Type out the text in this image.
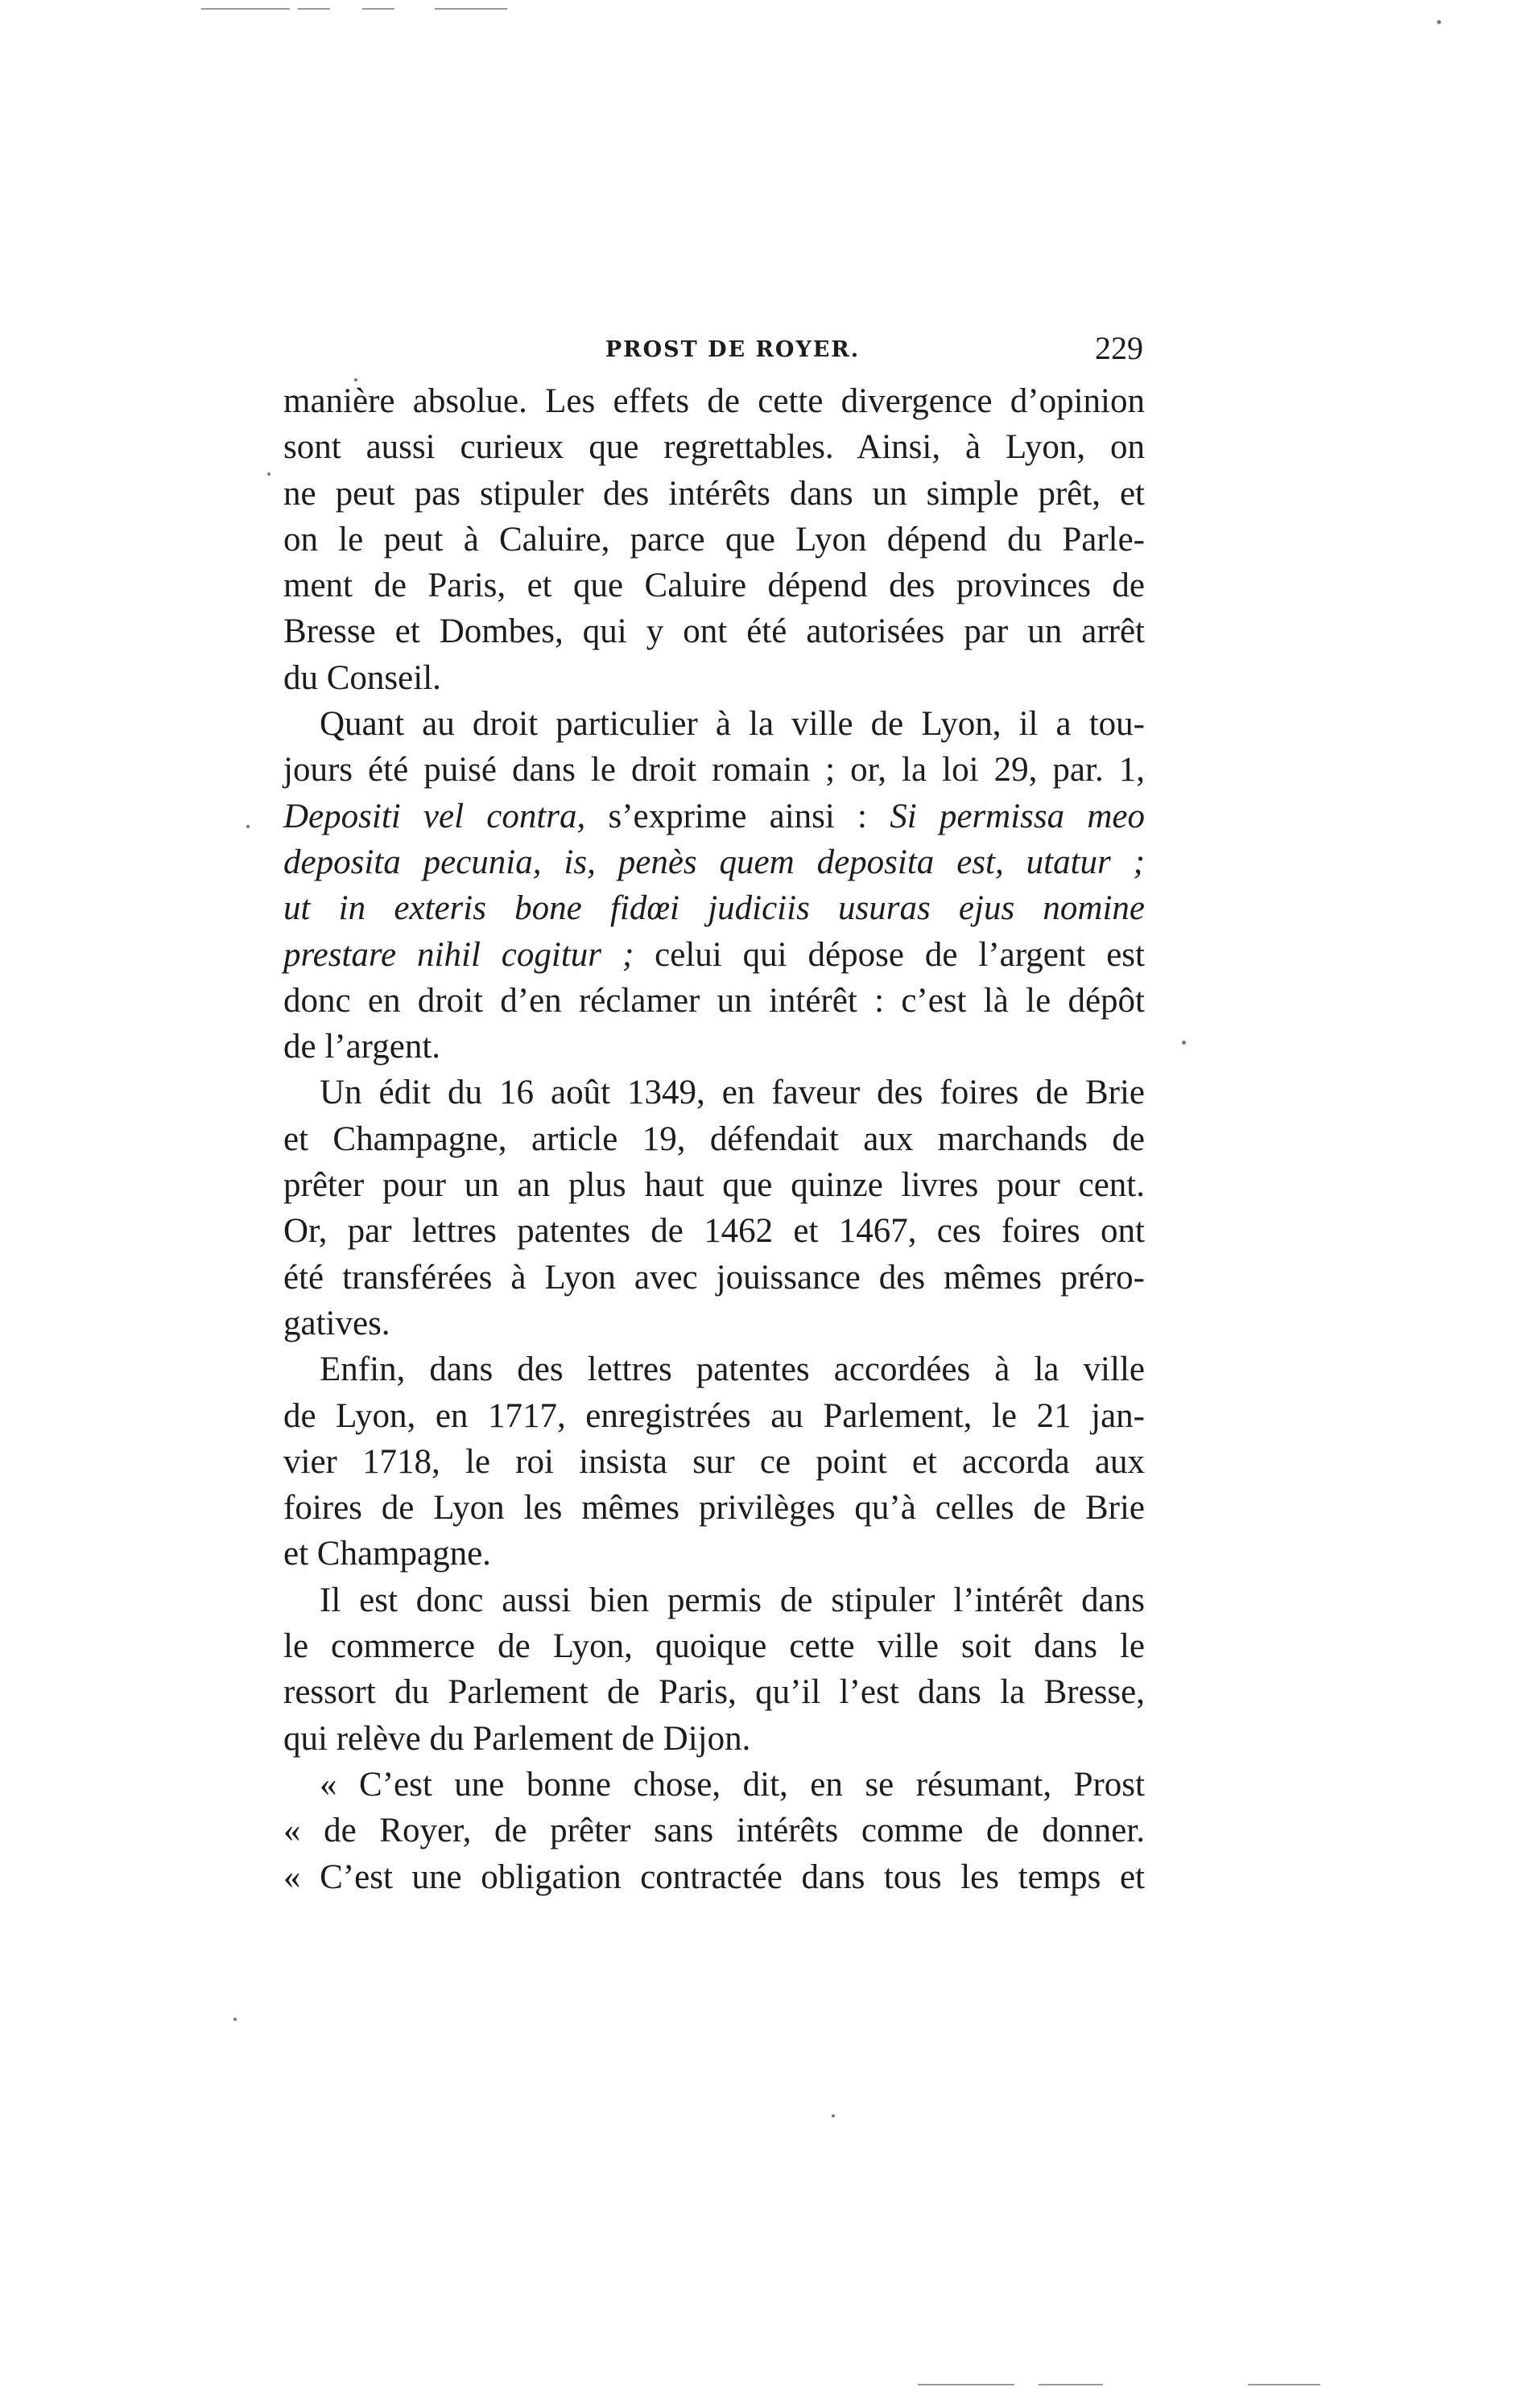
PROST DE ROYER.	229
manière absolue. Les effets de cette divergence d’opinion
sont aussi curieux que regrettables. Ainsi, à Lyon, on
ne peut pas stipuler des intérêts dans un simple prêt, et
on le peut à Caluire, parce que Lyon dépend du Parle-
ment de Paris, et que Caluire dépend des provinces de
Bresse et Dombes, qui y ont été autorisées par un arrêt
du Conseil.
Quant au droit particulier à la ville de Lyon, il a tou-
jours été puisé dans le droit romain ; or, la loi 29, par. 1,
Depositi vel contra, s’exprime ainsi : Si permissa meo
deposita pecunia, is, penès quem deposita est, utatur ;
ut in exteris bone fidœi judiciis usuras ejus nomine
prestare nihil cogitur ; celui qui dépose de l’argent est
donc en droit d’en réclamer un intérêt : c’est là le dépôt
de l’argent.
Un édit du 16 août 1349, en faveur des foires de Brie
et Champagne, article 19, défendait aux marchands de
prêter pour un an plus haut que quinze livres pour cent.
Or, par lettres patentes de 1462 et 1467, ces foires ont
été transférées à Lyon avec jouissance des mêmes préro-
gatives.
Enfin, dans des lettres patentes accordées à la ville
de Lyon, en 1717, enregistrées au Parlement, le 21 jan-
vier 1718, le roi insista sur ce point et accorda aux
foires de Lyon les mêmes privilèges qu’à celles de Brie
et Champagne.
Il est donc aussi bien permis de stipuler l’intérêt dans
le commerce de Lyon, quoique cette ville soit dans le
ressort du Parlement de Paris, qu’il l’est dans la Bresse,
qui relève du Parlement de Dijon.
« C’est une bonne chose, dit, en se résumant, Prost
« de Royer, de prêter sans intérêts comme de donner.
« C’est une obligation contractée dans tous les temps et
